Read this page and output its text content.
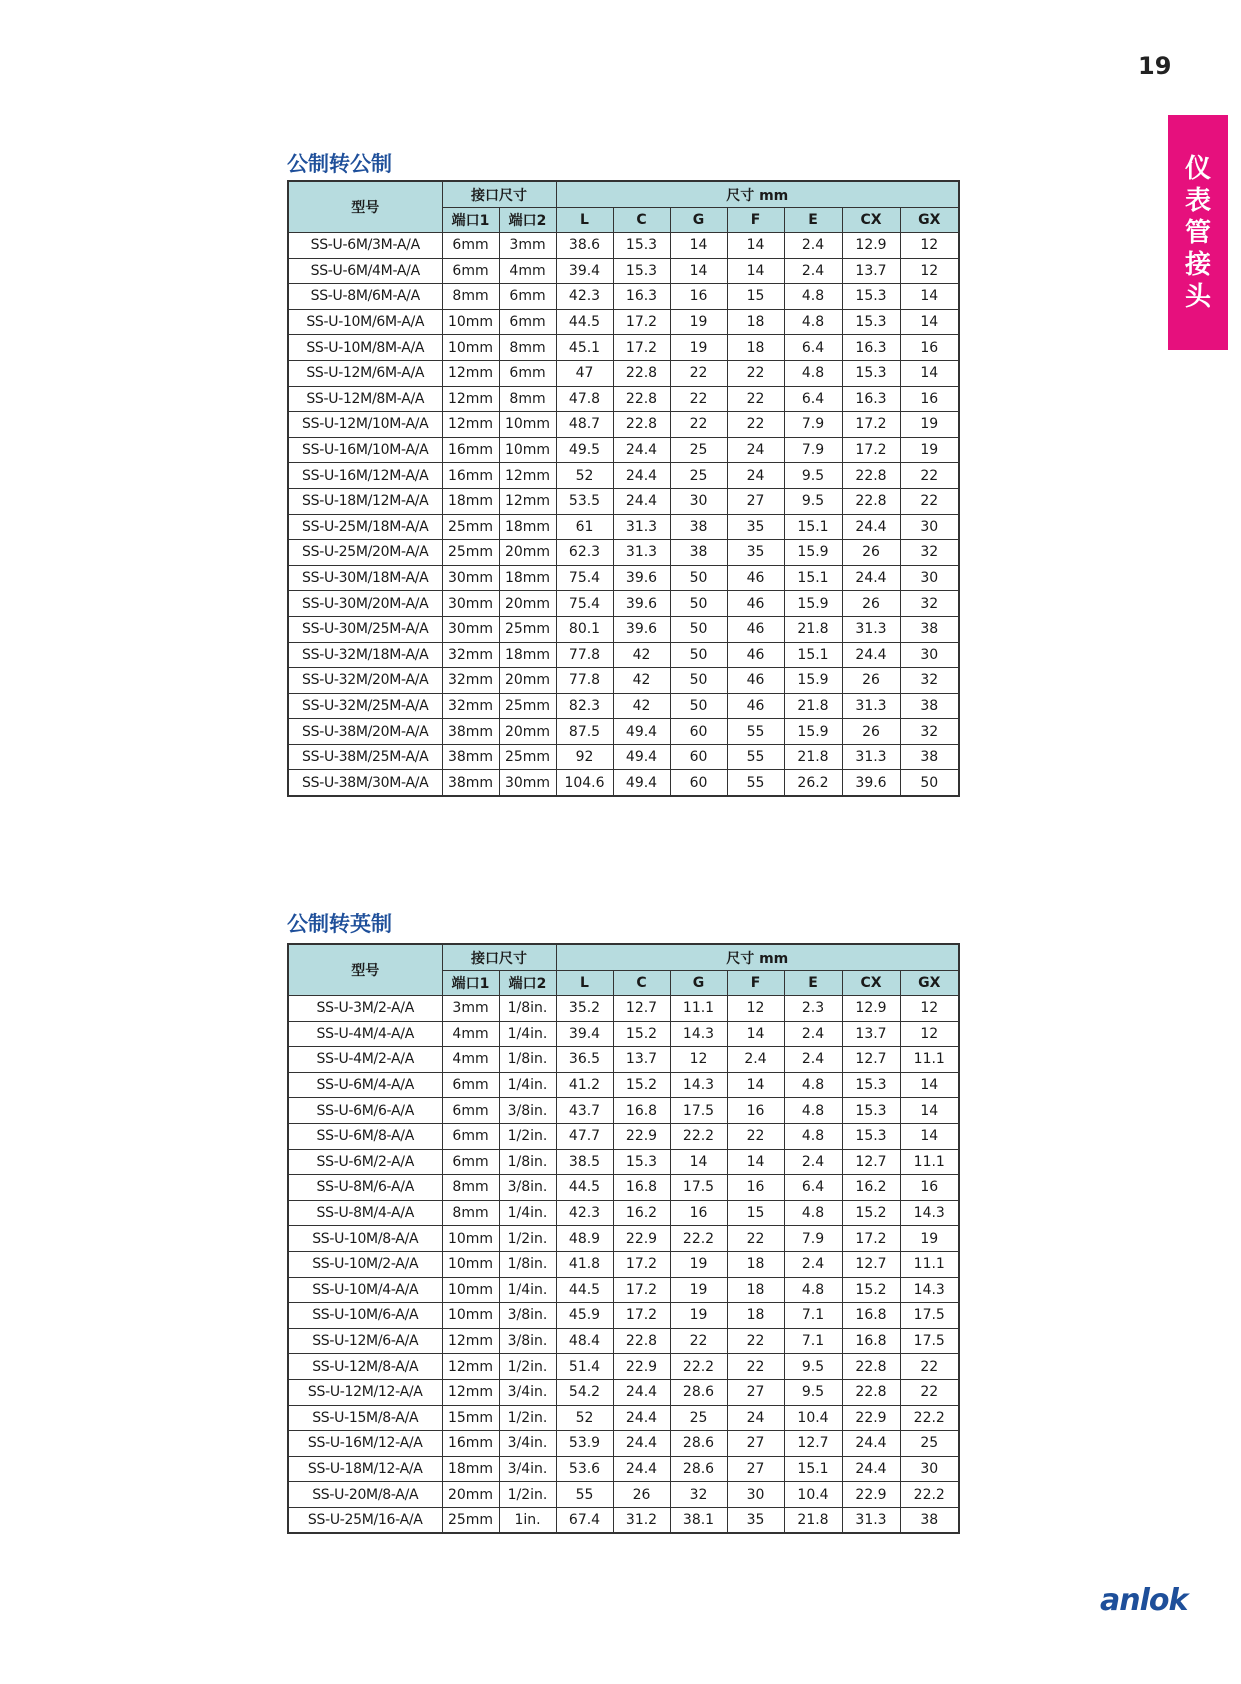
19
仪
表
管
接
头
公制转公制
型号	接口尺寸		尺寸 mm						
	端口1	端口2	L	C	G	F	E	CX	GX
SS-U-6M/3M-A/A	6mm	3mm	38.6	15.3	14	14	2.4	12.9	12
SS-U-6M/4M-A/A	6mm	4mm	39.4	15.3	14	14	2.4	13.7	12
SS-U-8M/6M-A/A	8mm	6mm	42.3	16.3	16	15	4.8	15.3	14
SS-U-10M/6M-A/A	10mm	6mm	44.5	17.2	19	18	4.8	15.3	14
SS-U-10M/8M-A/A	10mm	8mm	45.1	17.2	19	18	6.4	16.3	16
SS-U-12M/6M-A/A	12mm	6mm	47	22.8	22	22	4.8	15.3	14
SS-U-12M/8M-A/A	12mm	8mm	47.8	22.8	22	22	6.4	16.3	16
SS-U-12M/10M-A/A	12mm	10mm	48.7	22.8	22	22	7.9	17.2	19
SS-U-16M/10M-A/A	16mm	10mm	49.5	24.4	25	24	7.9	17.2	19
SS-U-16M/12M-A/A	16mm	12mm	52	24.4	25	24	9.5	22.8	22
SS-U-18M/12M-A/A	18mm	12mm	53.5	24.4	30	27	9.5	22.8	22
SS-U-25M/18M-A/A	25mm	18mm	61	31.3	38	35	15.1	24.4	30
SS-U-25M/20M-A/A	25mm	20mm	62.3	31.3	38	35	15.9	26	32
SS-U-30M/18M-A/A	30mm	18mm	75.4	39.6	50	46	15.1	24.4	30
SS-U-30M/20M-A/A	30mm	20mm	75.4	39.6	50	46	15.9	26	32
SS-U-30M/25M-A/A	30mm	25mm	80.1	39.6	50	46	21.8	31.3	38
SS-U-32M/18M-A/A	32mm	18mm	77.8	42	50	46	15.1	24.4	30
SS-U-32M/20M-A/A	32mm	20mm	77.8	42	50	46	15.9	26	32
SS-U-32M/25M-A/A	32mm	25mm	82.3	42	50	46	21.8	31.3	38
SS-U-38M/20M-A/A	38mm	20mm	87.5	49.4	60	55	15.9	26	32
SS-U-38M/25M-A/A	38mm	25mm	92	49.4	60	55	21.8	31.3	38
SS-U-38M/30M-A/A	38mm	30mm	104.6	49.4	60	55	26.2	39.6	50
公制转英制
型号	接口尺寸		尺寸 mm						
	端口1	端口2	L	C	G	F	E	CX	GX
SS-U-3M/2-A/A	3mm	1/8in.	35.2	12.7	11.1	12	2.3	12.9	12
SS-U-4M/4-A/A	4mm	1/4in.	39.4	15.2	14.3	14	2.4	13.7	12
SS-U-4M/2-A/A	4mm	1/8in.	36.5	13.7	12	2.4	2.4	12.7	11.1
SS-U-6M/4-A/A	6mm	1/4in.	41.2	15.2	14.3	14	4.8	15.3	14
SS-U-6M/6-A/A	6mm	3/8in.	43.7	16.8	17.5	16	4.8	15.3	14
SS-U-6M/8-A/A	6mm	1/2in.	47.7	22.9	22.2	22	4.8	15.3	14
SS-U-6M/2-A/A	6mm	1/8in.	38.5	15.3	14	14	2.4	12.7	11.1
SS-U-8M/6-A/A	8mm	3/8in.	44.5	16.8	17.5	16	6.4	16.2	16
SS-U-8M/4-A/A	8mm	1/4in.	42.3	16.2	16	15	4.8	15.2	14.3
SS-U-10M/8-A/A	10mm	1/2in.	48.9	22.9	22.2	22	7.9	17.2	19
SS-U-10M/2-A/A	10mm	1/8in.	41.8	17.2	19	18	2.4	12.7	11.1
SS-U-10M/4-A/A	10mm	1/4in.	44.5	17.2	19	18	4.8	15.2	14.3
SS-U-10M/6-A/A	10mm	3/8in.	45.9	17.2	19	18	7.1	16.8	17.5
SS-U-12M/6-A/A	12mm	3/8in.	48.4	22.8	22	22	7.1	16.8	17.5
SS-U-12M/8-A/A	12mm	1/2in.	51.4	22.9	22.2	22	9.5	22.8	22
SS-U-12M/12-A/A	12mm	3/4in.	54.2	24.4	28.6	27	9.5	22.8	22
SS-U-15M/8-A/A	15mm	1/2in.	52	24.4	25	24	10.4	22.9	22.2
SS-U-16M/12-A/A	16mm	3/4in.	53.9	24.4	28.6	27	12.7	24.4	25
SS-U-18M/12-A/A	18mm	3/4in.	53.6	24.4	28.6	27	15.1	24.4	30
SS-U-20M/8-A/A	20mm	1/2in.	55	26	32	30	10.4	22.9	22.2
SS-U-25M/16-A/A	25mm	1in.	67.4	31.2	38.1	35	21.8	31.3	38
anlok
